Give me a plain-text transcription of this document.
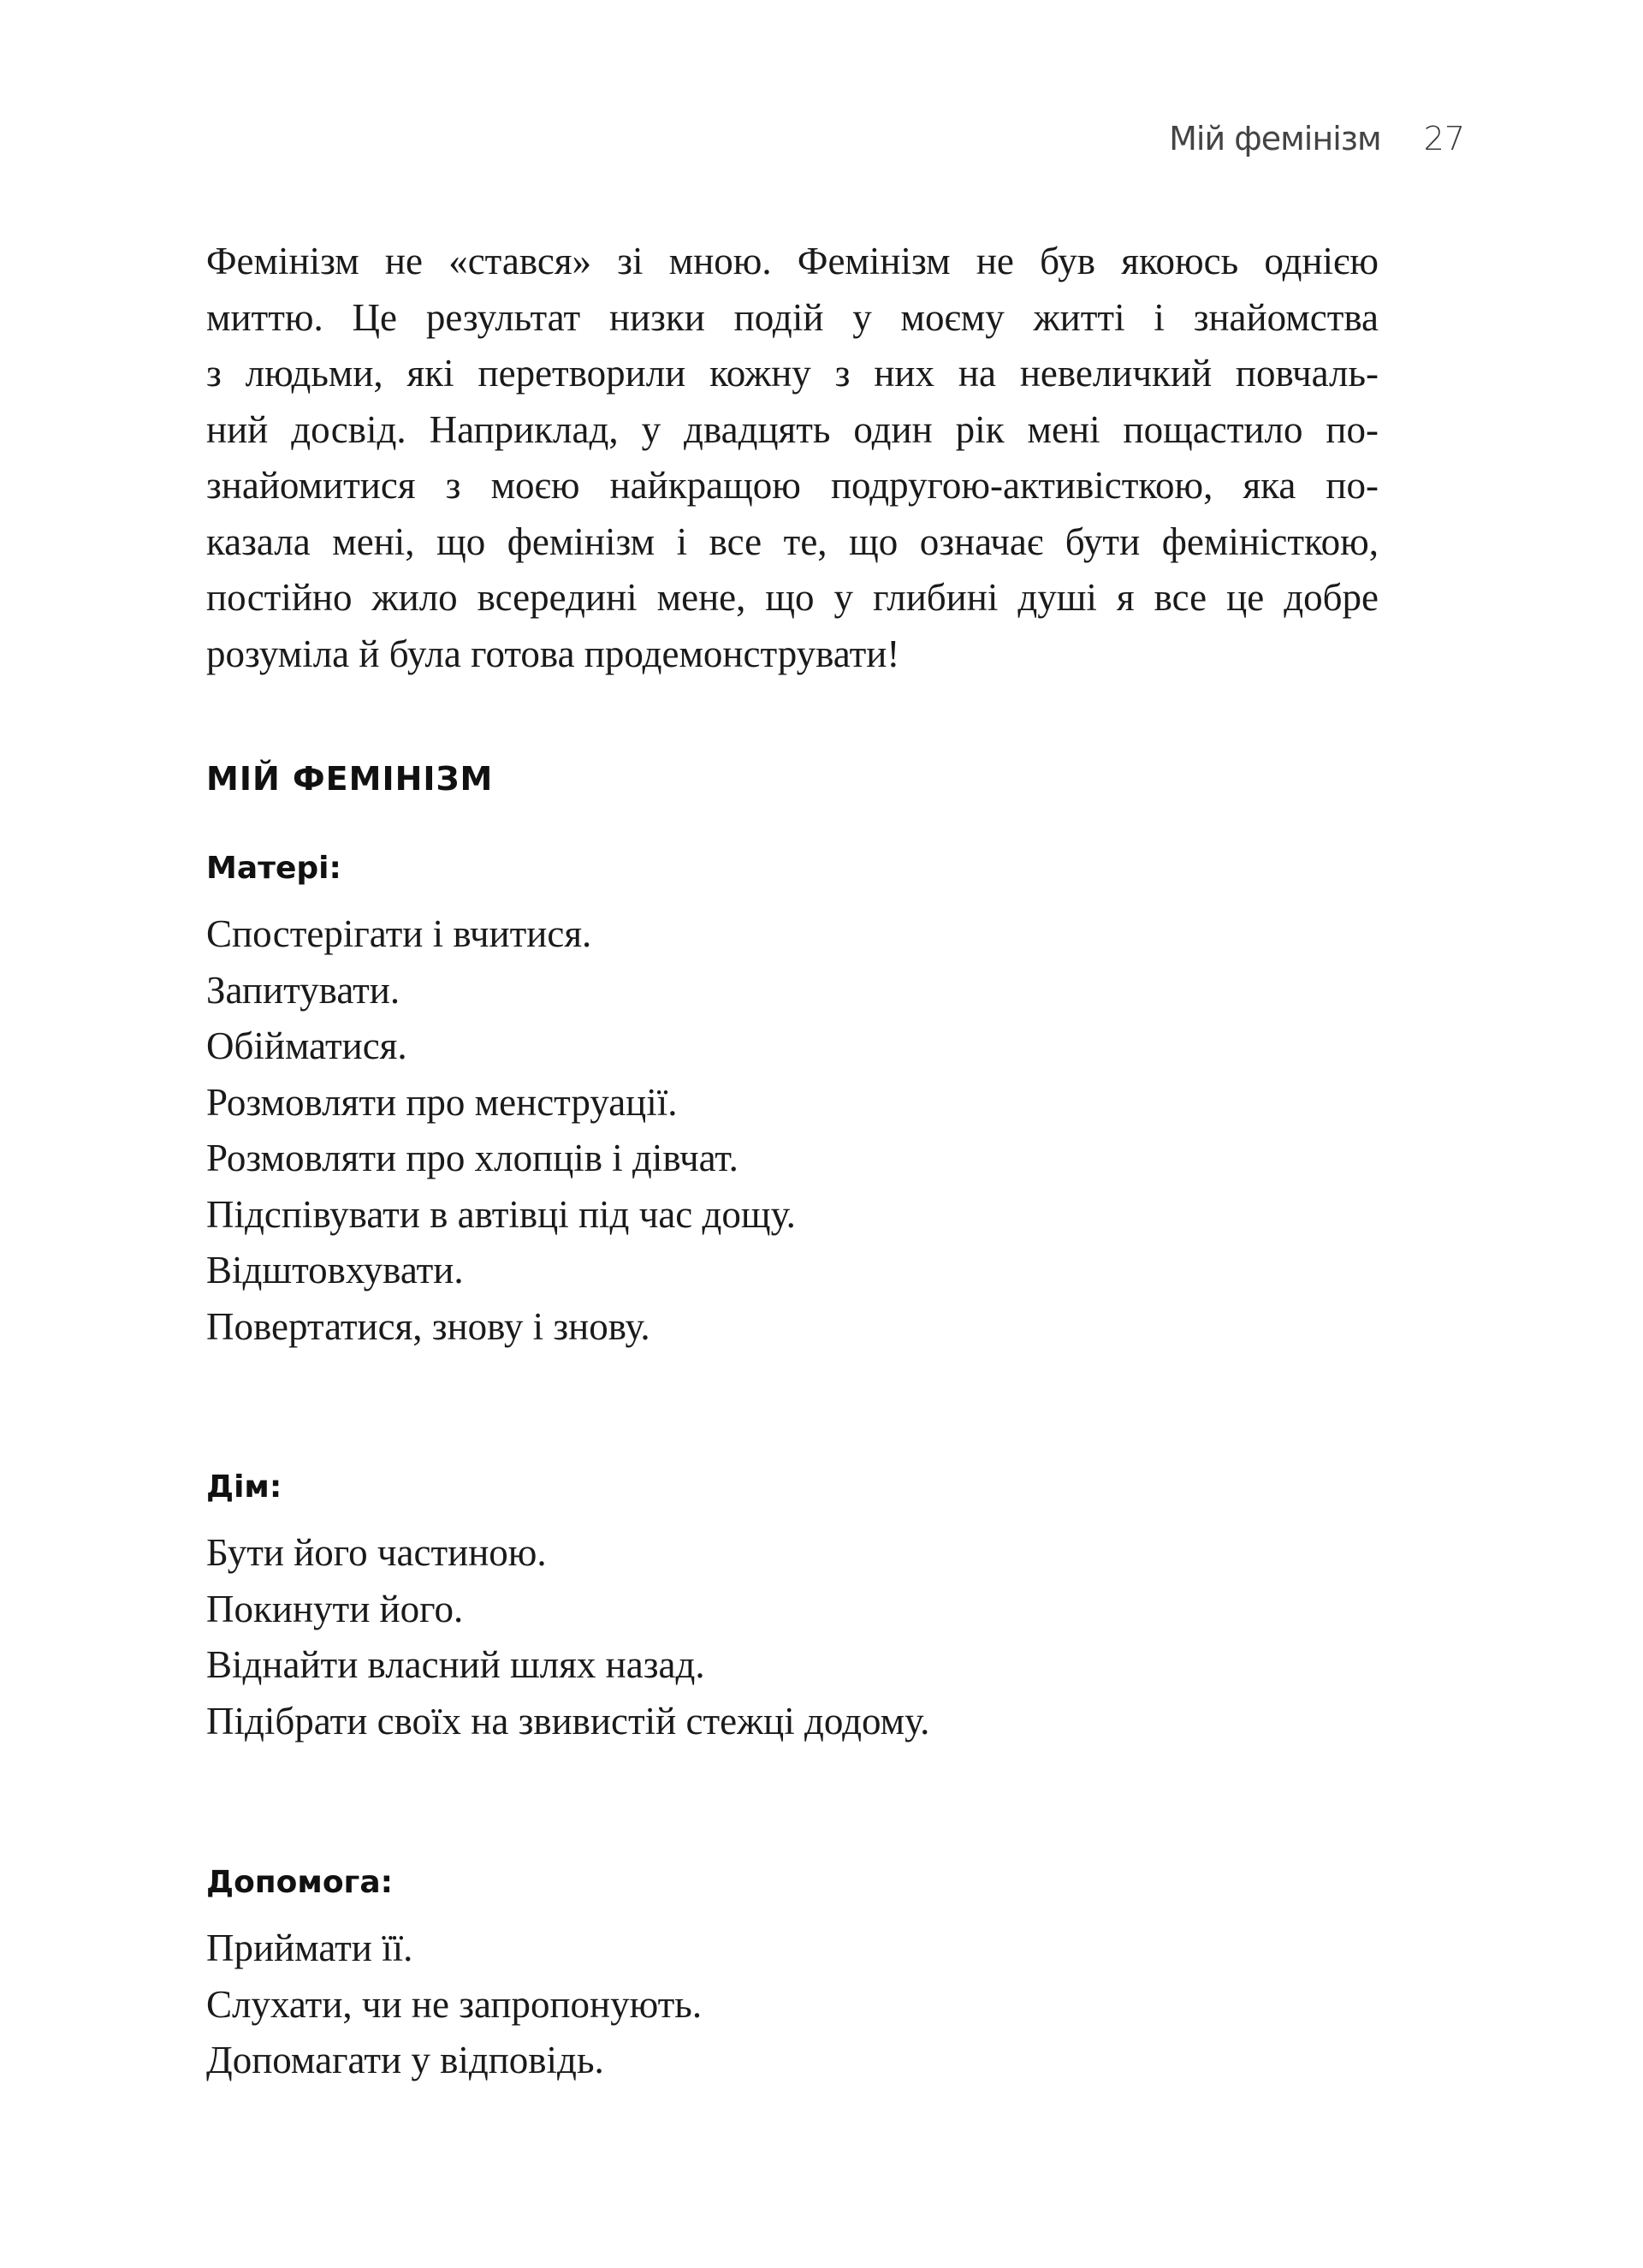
Мій фемінізм 27
Фемінізм не «стався» зі мною. Фемінізм не був якоюсь однією
миттю. Це результат низки подій у моєму житті і знайомства
з людьми, які перетворили кожну з них на невеличкий повчаль-
ний досвід. Наприклад, у двадцять один рік мені пощастило по-
знайомитися з моєю найкращою подругою-активісткою, яка по-
казала мені, що фемінізм і все те, що означає бути феміністкою,
постійно жило всередині мене, що у глибині душі я все це добре
розуміла й була готова продемонструвати!
МІЙ ФЕМІНІЗМ
Матері:
Спостерігати і вчитися.
Запитувати.
Обійматися.
Розмовляти про менструації.
Розмовляти про хлопців і дівчат.
Підспівувати в автівці під час дощу.
Відштовхувати.
Повертатися, знову і знову.
Дім:
Бути його частиною.
Покинути його.
Віднайти власний шлях назад.
Підібрати своїх на звивистій стежці додому.
Допомога:
Приймати її.
Слухати, чи не запропонують.
Допомагати у відповідь.
